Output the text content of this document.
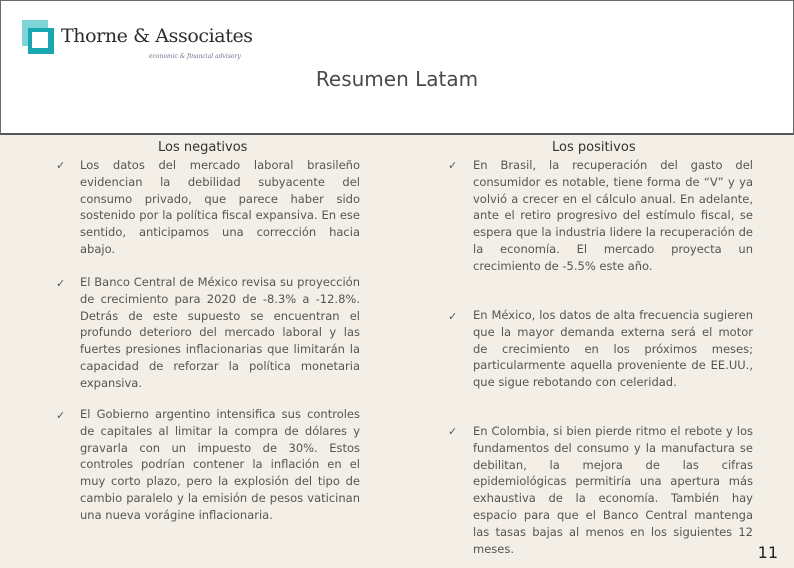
Thorne & Associates
economic & financial advisory
Resumen Latam
Los negativos
✓ Los datos del mercado laboral brasileño evidencian la debilidad subyacente del consumo privado, que parece haber sido sostenido por la política fiscal expansiva. En ese sentido, anticipamos una corrección hacia abajo.
✓ El Banco Central de México revisa su proyección de crecimiento para 2020 de -8.3% a -12.8%. Detrás de este supuesto se encuentran el profundo deterioro del mercado laboral y las fuertes presiones inflacionarias que limitarán la capacidad de reforzar la política monetaria expansiva.
✓ El Gobierno argentino intensifica sus controles de capitales al limitar la compra de dólares y gravarla con un impuesto de 30%. Estos controles podrían contener la inflación en el muy corto plazo, pero la explosión del tipo de cambio paralelo y la emisión de pesos vaticinan una nueva vorágine inflacionaria.
Los positivos
✓ En Brasil, la recuperación del gasto del consumidor es notable, tiene forma de “V” y ya volvió a crecer en el cálculo anual. En adelante, ante el retiro progresivo del estímulo fiscal, se espera que la industria lidere la recuperación de la economía. El mercado proyecta un crecimiento de -5.5% este año.
✓ En México, los datos de alta frecuencia sugieren que la mayor demanda externa será el motor de crecimiento en los próximos meses; particularmente aquella proveniente de EE.UU., que sigue rebotando con celeridad.
✓ En Colombia, si bien pierde ritmo el rebote y los fundamentos del consumo y la manufactura se debilitan, la mejora de las cifras epidemiológicas permitiría una apertura más exhaustiva de la economía. También hay espacio para que el Banco Central mantenga las tasas bajas al menos en los siguientes 12 meses.	11
